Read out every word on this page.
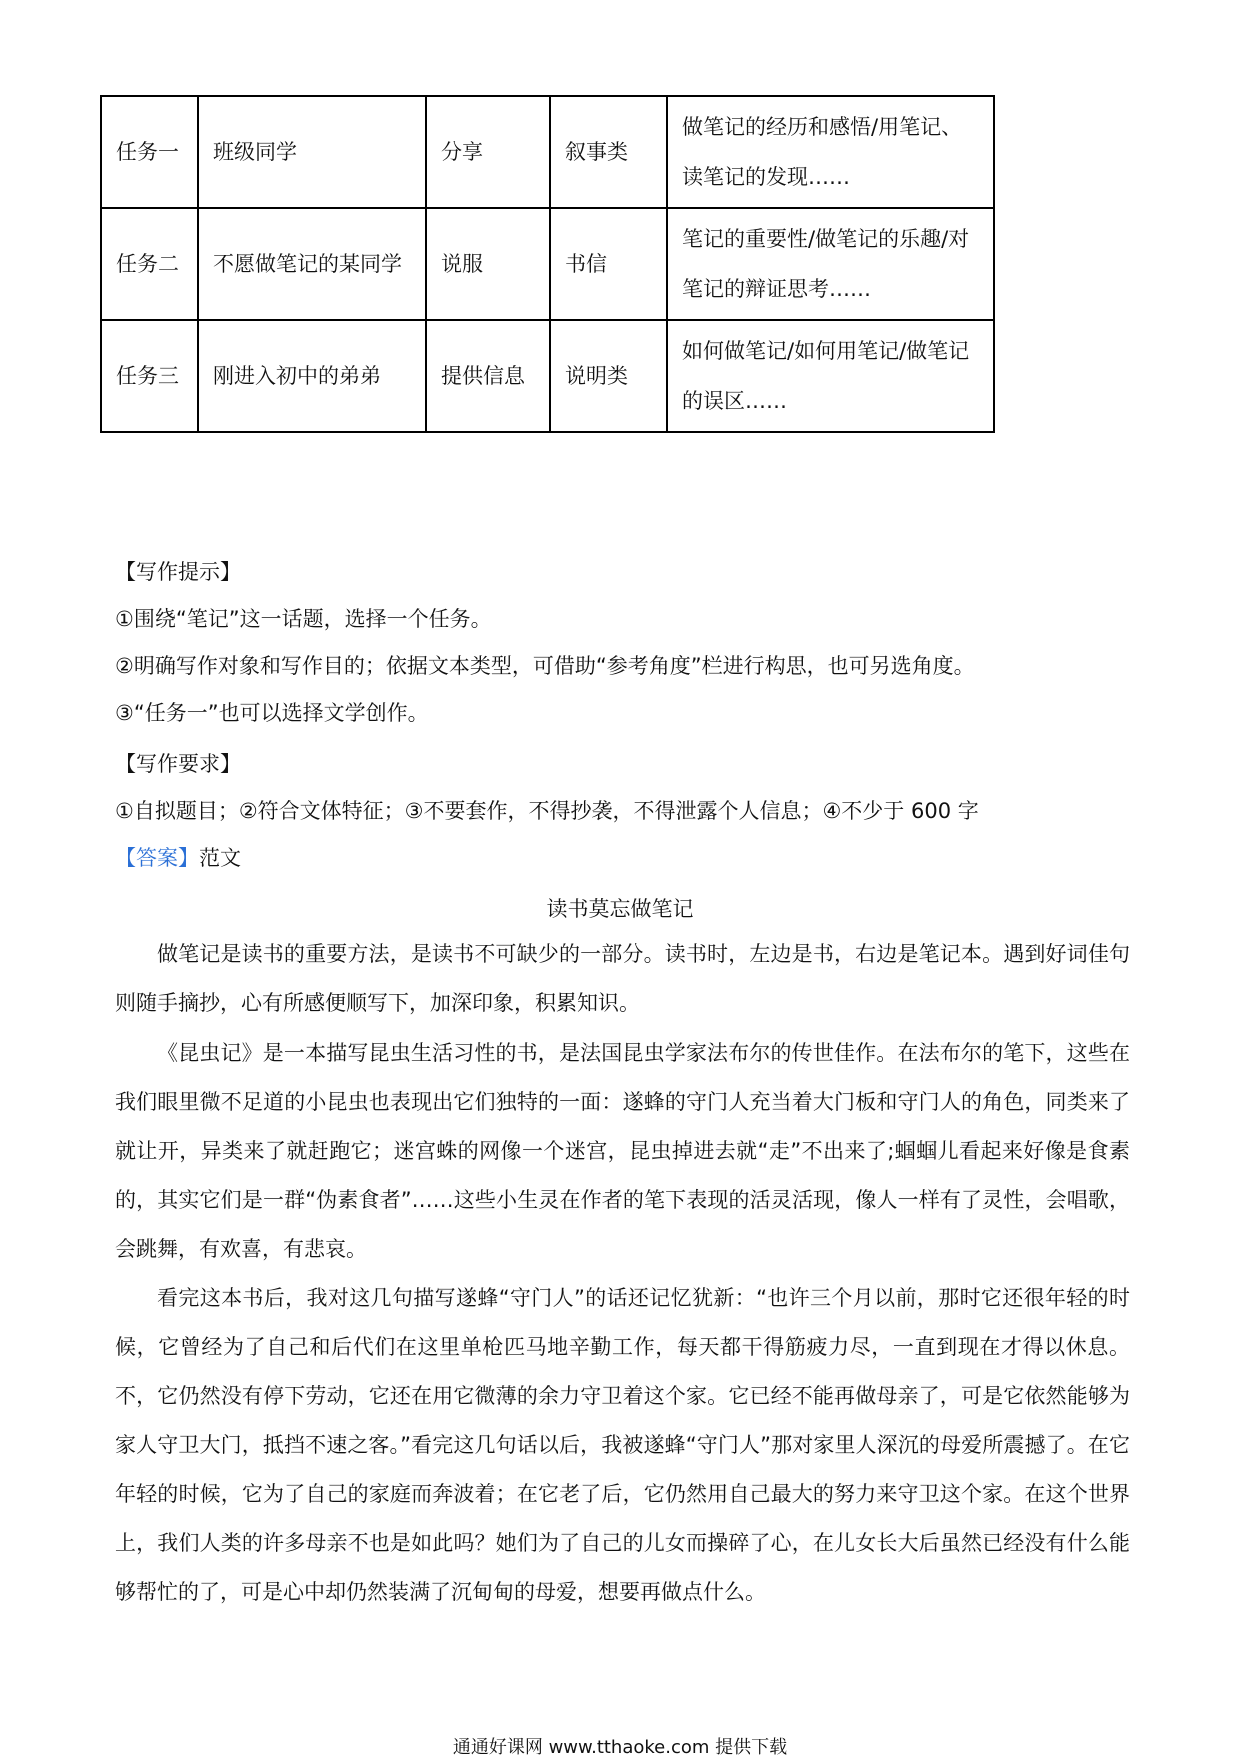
任务一	班级同学	分享	叙事类	做笔记的经历和感悟/用笔记、读笔记的发现……
任务二	不愿做笔记的某同学	说服	书信	笔记的重要性/做笔记的乐趣/对笔记的辩证思考……
任务三	刚进入初中的弟弟	提供信息	说明类	如何做笔记/如何用笔记/做笔记的误区……
【写作提示】
①围绕“笔记”这一话题，选择一个任务。
②明确写作对象和写作目的；依据文本类型，可借助“参考角度”栏进行构思，也可另选角度。
③“任务一”也可以选择文学创作。
【写作要求】
①自拟题目；②符合文体特征；③不要套作，不得抄袭，不得泄露个人信息；④不少于 600 字
【答案】范文
读书莫忘做笔记
做笔记是读书的重要方法，是读书不可缺少的一部分。读书时，左边是书，右边是笔记本。遇到好词佳句则随手摘抄，心有所感便顺写下，加深印象，积累知识。
《昆虫记》是一本描写昆虫生活习性的书，是法国昆虫学家法布尔的传世佳作。在法布尔的笔下，这些在我们眼里微不足道的小昆虫也表现出它们独特的一面：遂蜂的守门人充当着大门板和守门人的角色，同类来了就让开，异类来了就赶跑它；迷宫蛛的网像一个迷宫，昆虫掉进去就“走”不出来了;蝈蝈儿看起来好像是食素的，其实它们是一群“伪素食者”……这些小生灵在作者的笔下表现的活灵活现，像人一样有了灵性，会唱歌，会跳舞，有欢喜，有悲哀。
看完这本书后，我对这几句描写遂蜂“守门人”的话还记忆犹新：“也许三个月以前，那时它还很年轻的时候，它曾经为了自己和后代们在这里单枪匹马地辛勤工作，每天都干得筋疲力尽，一直到现在才得以休息。不，它仍然没有停下劳动，它还在用它微薄的余力守卫着这个家。它已经不能再做母亲了，可是它依然能够为家人守卫大门，抵挡不速之客。”看完这几句话以后，我被遂蜂“守门人”那对家里人深沉的母爱所震撼了。在它年轻的时候，它为了自己的家庭而奔波着；在它老了后，它仍然用自己最大的努力来守卫这个家。在这个世界上，我们人类的许多母亲不也是如此吗？她们为了自己的儿女而操碎了心，在儿女长大后虽然已经没有什么能够帮忙的了，可是心中却仍然装满了沉甸甸的母爱，想要再做点什么。
通通好课网 www.tthaoke.com 提供下载
